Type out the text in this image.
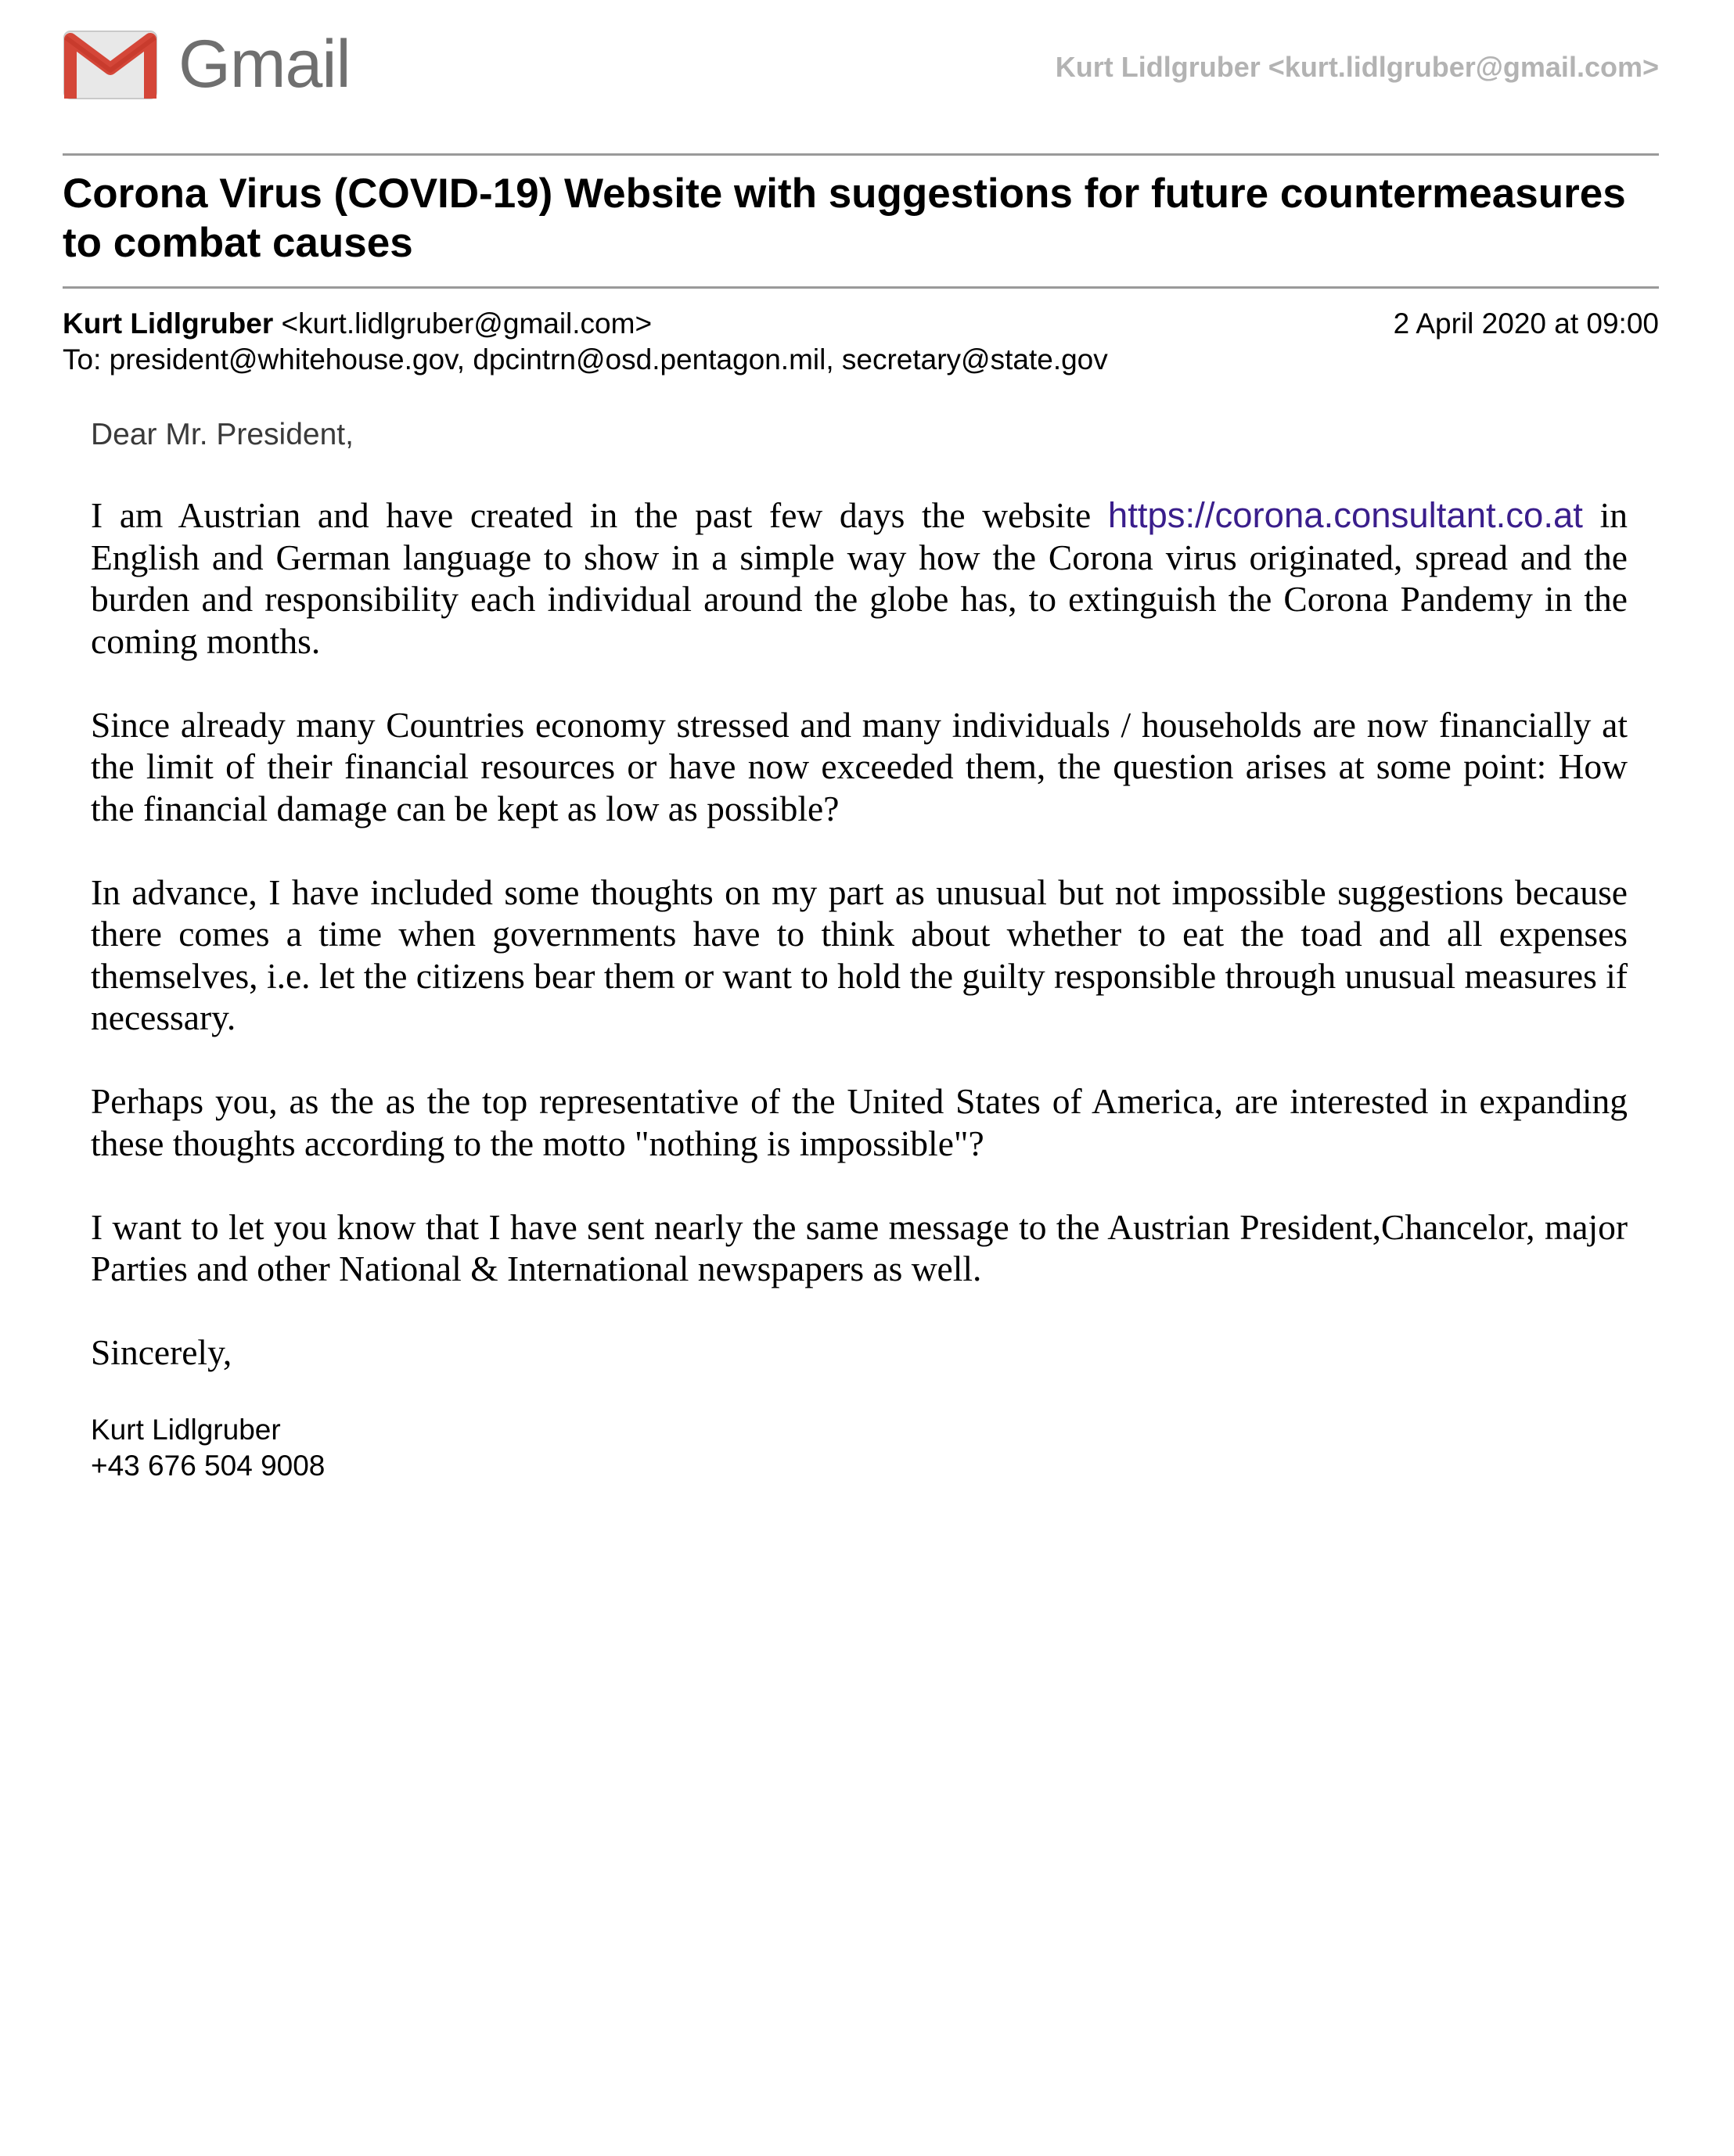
Gmail	Kurt Lidlgruber <kurt.lidlgruber@gmail.com>
Corona Virus (COVID-19) Website with suggestions for future countermeasures to combat causes
Kurt Lidlgruber <kurt.lidlgruber@gmail.com>	2 April 2020 at 09:00
To: president@whitehouse.gov, dpcintrn@osd.pentagon.mil, secretary@state.gov
Dear Mr. President,

I am Austrian and have created in the past few days the website https://corona.consultant.co.at in English and German language to show in a simple way how the Corona virus originated, spread and the burden and responsibility each individual around the globe has, to extinguish the Corona Pandemy in the coming months.

Since already many Countries economy stressed and many individuals / households are now financially at the limit of their financial resources or have now exceeded them, the question arises at some point: How the financial damage can be kept as low as possible?

In advance, I have included some thoughts on my part as unusual but not impossible suggestions because there comes a time when governments have to think about whether to eat the toad and all expenses themselves, i.e. let the citizens bear them or want to hold the guilty responsible through unusual measures if necessary.

Perhaps you, as the as the top representative of the United States of America, are interested in expanding these thoughts according to the motto "nothing is impossible"?

I want to let you know that I have sent nearly the same message to the Austrian President,Chancelor, major Parties and other National & International newspapers as well.

Sincerely,

Kurt Lidlgruber
+43 676 504 9008
